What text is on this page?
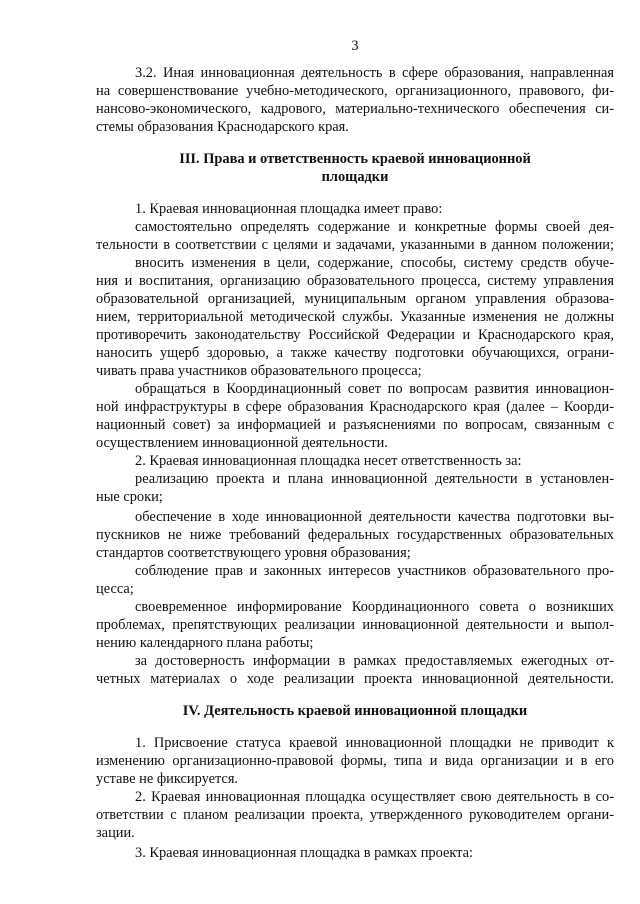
3
3.2. Иная инновационная деятельность в сфере образования, направленная
на совершенствование учебно-методического, организационного, правового, фи-
нансово-экономического, кадрового, материально-технического обеспечения си-
стемы образования Краснодарского края.
III. Права и ответственность краевой инновационной
площадки
1. Краевая инновационная площадка имеет право:
самостоятельно определять содержание и конкретные формы своей дея-
тельности в соответствии с целями и задачами, указанными в данном положении;
вносить изменения в цели, содержание, способы, систему средств обуче-
ния и воспитания, организацию образовательного процесса, систему управления
образовательной организацией, муниципальным органом управления образова-
нием, территориальной методической службы. Указанные изменения не должны
противоречить законодательству Российской Федерации и Краснодарского края,
наносить ущерб здоровью, а также качеству подготовки обучающихся, ограни-
чивать права участников образовательного процесса;
обращаться в Координационный совет по вопросам развития инновацион-
ной инфраструктуры в сфере образования Краснодарского края (далее – Коорди-
национный совет) за информацией и разъяснениями по вопросам, связанным с
осуществлением инновационной деятельности.
2. Краевая инновационная площадка несет ответственность за:
реализацию проекта и плана инновационной деятельности в установлен-
ные сроки;
обеспечение в ходе инновационной деятельности качества подготовки вы-
пускников не ниже требований федеральных государственных образовательных
стандартов соответствующего уровня образования;
соблюдение прав и законных интересов участников образовательного про-
цесса;
своевременное информирование Координационного совета о возникших
проблемах, препятствующих реализации инновационной деятельности и выпол-
нению календарного плана работы;
за достоверность информации в рамках предоставляемых ежегодных от-
четных материалах о ходе реализации проекта инновационной деятельности.
IV. Деятельность краевой инновационной площадки
1. Присвоение статуса краевой инновационной площадки не приводит к
изменению организационно-правовой формы, типа и вида организации и в его
уставе не фиксируется.
2. Краевая инновационная площадка осуществляет свою деятельность в со-
ответствии с планом реализации проекта, утвержденного руководителем органи-
зации.
3. Краевая инновационная площадка в рамках проекта:
